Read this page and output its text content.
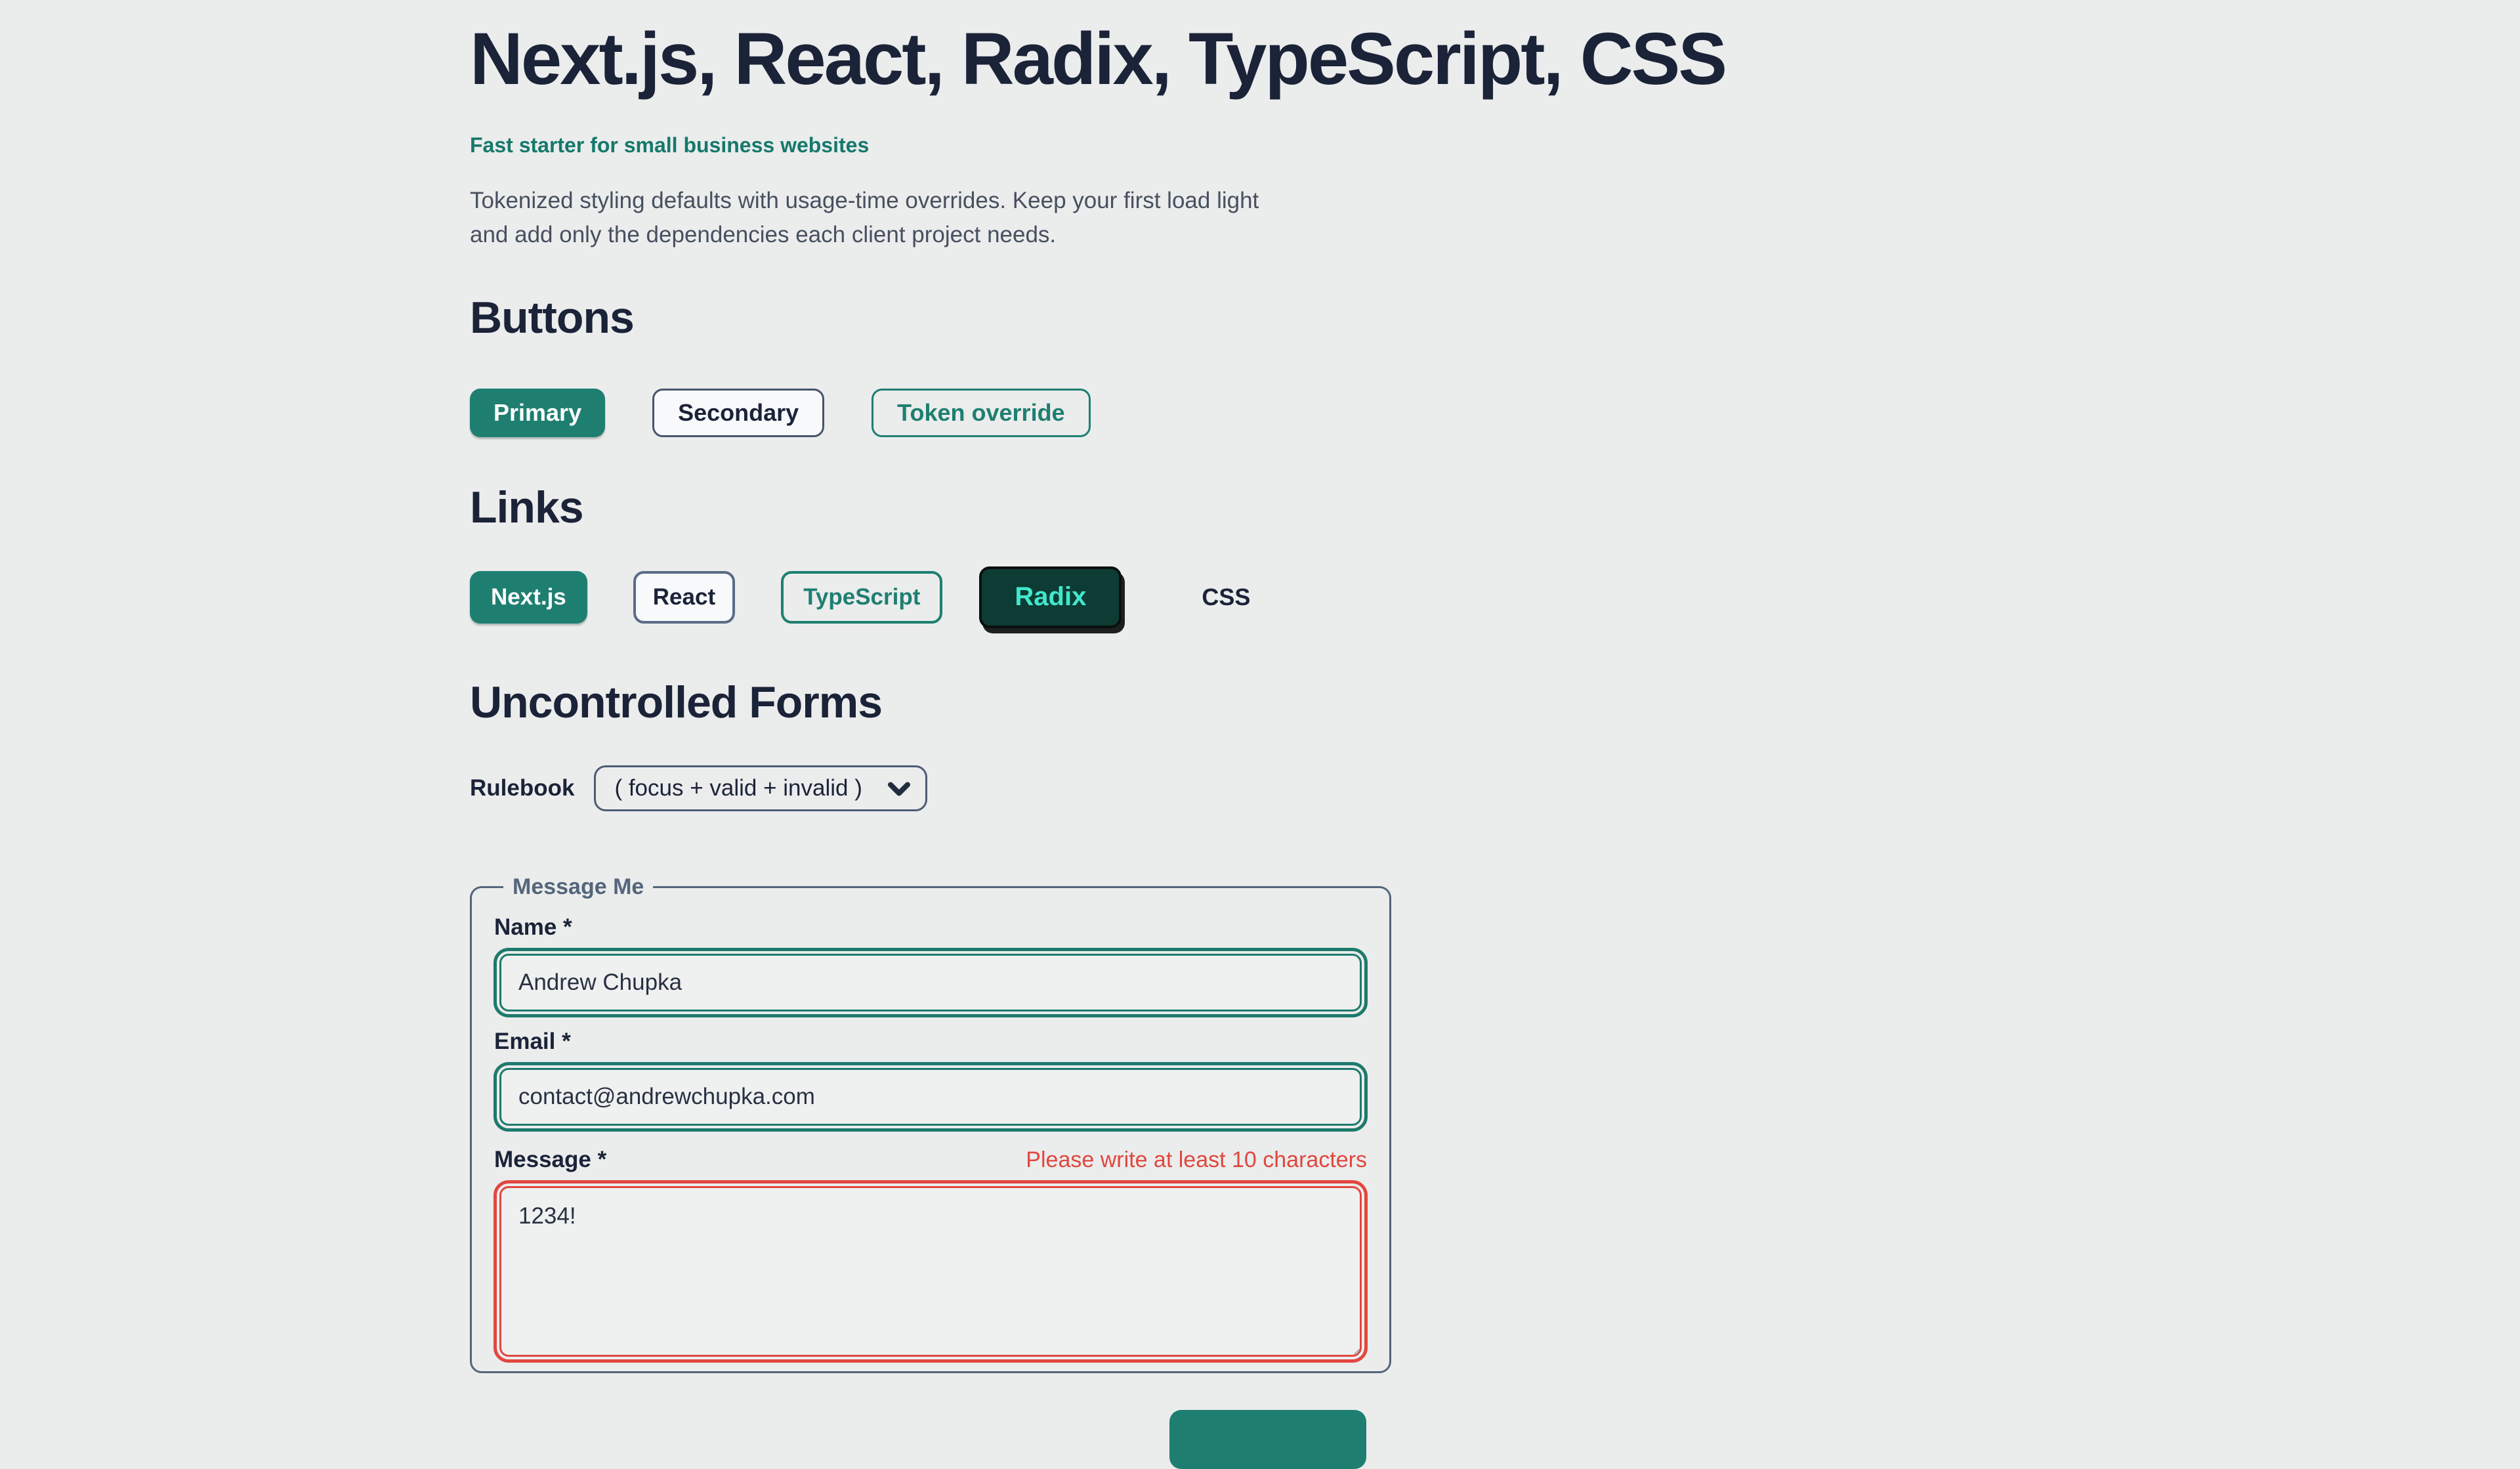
Next.js, React, Radix, TypeScript, CSS
Fast starter for small business websites

Tokenized styling defaults with usage-time overrides. Keep your first load light
and add only the dependencies each client project needs.

Buttons
Primary	Secondary	Token override
Links
Next.js	React	TypeScript	Radix	CSS
Uncontrolled Forms
Rulebook
( focus + valid + invalid )
Message Me
Name *
Andrew Chupka
Email *
contact@andrewchupka.com
Message *	Please write at least 10 characters
1234!
